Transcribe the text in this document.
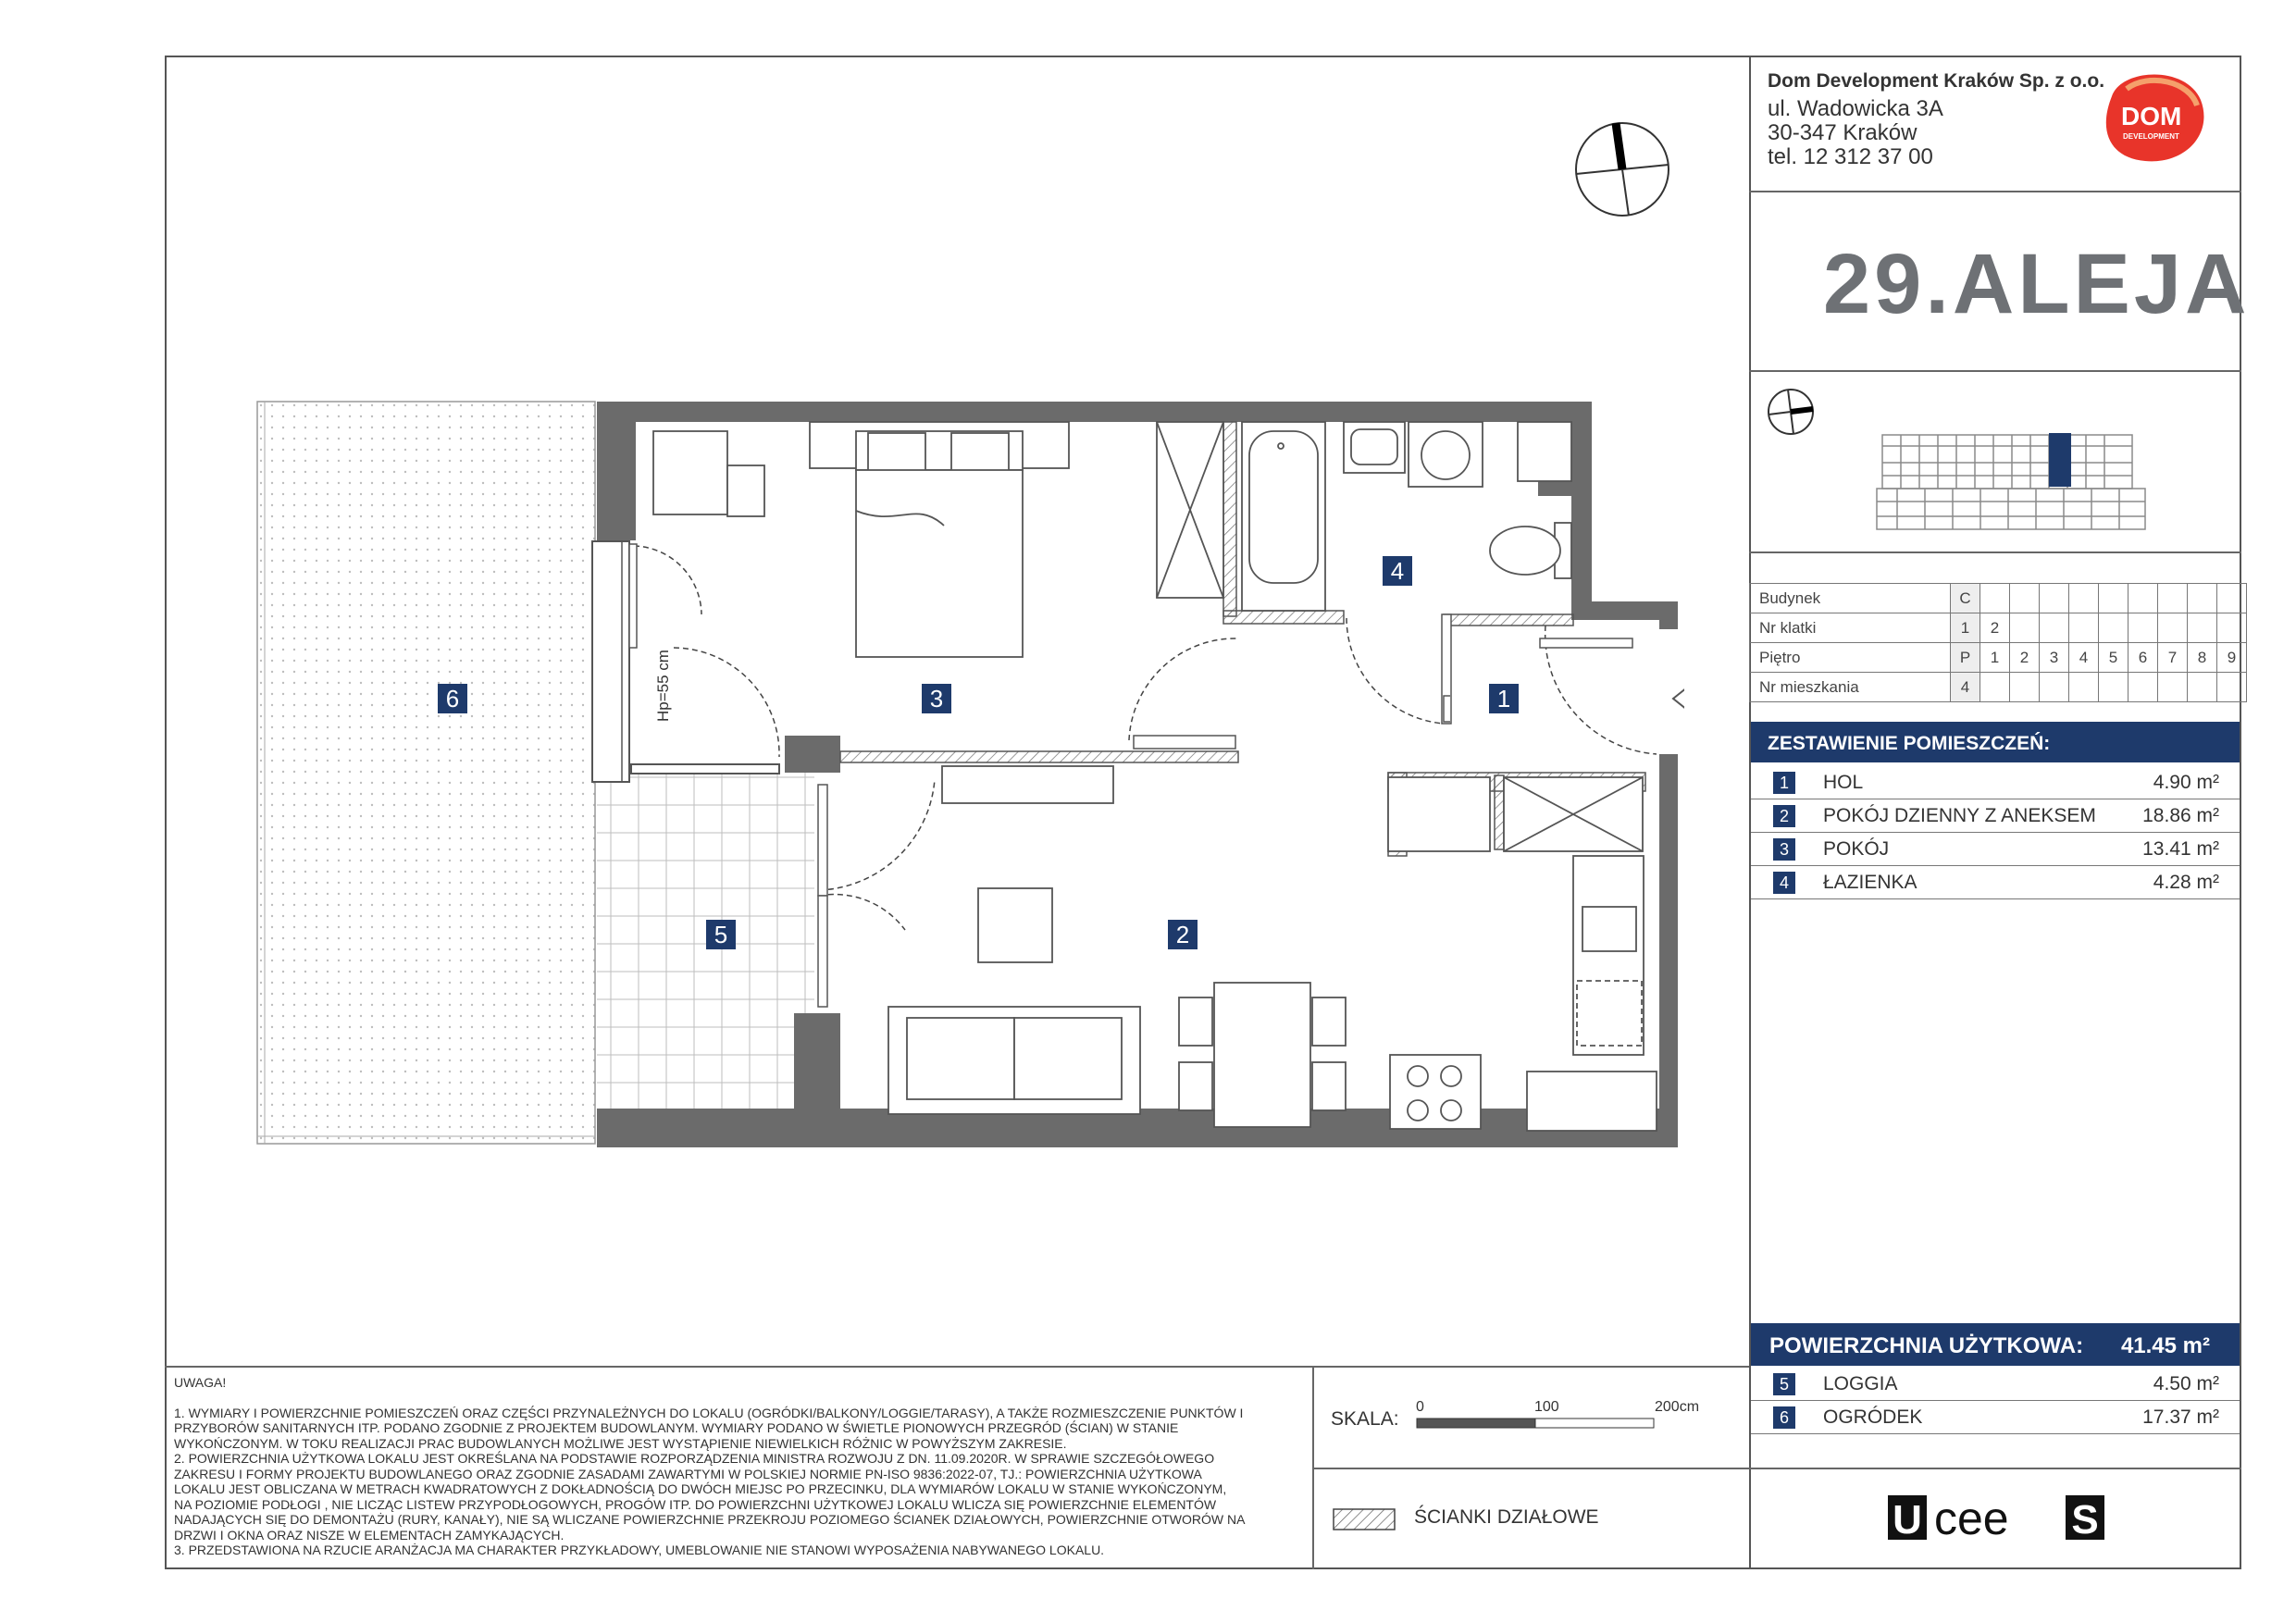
Dom Development Kraków Sp. z o.o.
ul. Wadowicka 3A
30-347 Kraków
tel. 12 312 37 00
DOM
DEVELOPMENT
29.ALEJA
Budynek	C									
Nr klatki	1	2								
Piętro	P	1	2	3	4	5	6	7	8	9
Nr mieszkania	4									
ZESTAWIENIE POMIESZCZEŃ:
1	HOL	4.90 m²
2	POKÓJ DZIENNY Z ANEKSEM 18.86 m²
3	POKÓJ	13.41 m²
4	ŁAZIENKA	4.28 m²
POWIERZCHNIA UŻYTKOWA: 41.45 m²
5	LOGGIA	4.50 m²
6	OGRÓDEK	17.37 m²
U cee S
uceeS

UWAGA!

1. WYMIARY I POWIERZCHNIE POMIESZCZEŃ ORAZ CZĘŚCI PRZYNALEŻNYCH DO LOKALU (OGRÓDKI/BALKONY/LOGGIE/TARASY), A TAKŻE ROZMIESZCZENIE PUNKTÓW I

PRZYBORÓW SANITARNYCH ITP. PODANO ZGODNIE Z PROJEKTEM BUDOWLANYM. WYMIARY PODANO W ŚWIETLE PIONOWYCH PRZEGRÓD (ŚCIAN) W STANIE

WYKOŃCZONYM. W TOKU REALIZACJI PRAC BUDOWLANYCH MOŻLIWE JEST WYSTĄPIENIE NIEWIELKICH RÓŻNIC W POWYŻSZYM ZAKRESIE.

2. POWIERZCHNIA UŻYTKOWA LOKALU JEST OKREŚLANA NA PODSTAWIE ROZPORZĄDZENIA MINISTRA ROZWOJU Z DN. 11.09.2020R. W SPRAWIE SZCZEGÓŁOWEGO

ZAKRESU I FORMY PROJEKTU BUDOWLANEGO ORAZ ZGODNIE ZASADAMI ZAWARTYMI W POLSKIEJ NORMIE PN-ISO 9836:2022-07, TJ.: POWIERZCHNIA UŻYTKOWA

LOKALU JEST OBLICZANA W METRACH KWADRATOWYCH Z DOKŁADNOŚCIĄ DO DWÓCH MIEJSC PO PRZECINKU, DLA WYMIARÓW LOKALU W STANIE WYKOŃCZONYM,

NA POZIOMIE PODŁOGI , NIE LICZĄC LISTEW PRZYPODŁOGOWYCH, PROGÓW ITP. DO POWIERZCHNI UŻYTKOWEJ LOKALU WLICZA SIĘ POWIERZCHNIE ELEMENTÓW

NADAJĄCYCH SIĘ DO DEMONTAŻU (RURY, KANAŁY), NIE SĄ WLICZANE POWIERZCHNIE PRZEKROJU POZIOMEGO ŚCIANEK DZIAŁOWYCH, POWIERZCHNIE OTWORÓW NA

DRZWI I OKNA ORAZ NISZE W ELEMENTACH ZAMYKAJĄCYCH.

3. PRZEDSTAWIONA NA RZUCIE ARANŻACJA MA CHARAKTER PRZYKŁADOWY, UMEBLOWANIE NIE STANOWI WYPOSAŻENIA NABYWANEGO LOKALU.

SKALA:
0	100	200cm
ŚCIANKI DZIAŁOWE
Hp=55 cm	1
2
3
4
5
6
